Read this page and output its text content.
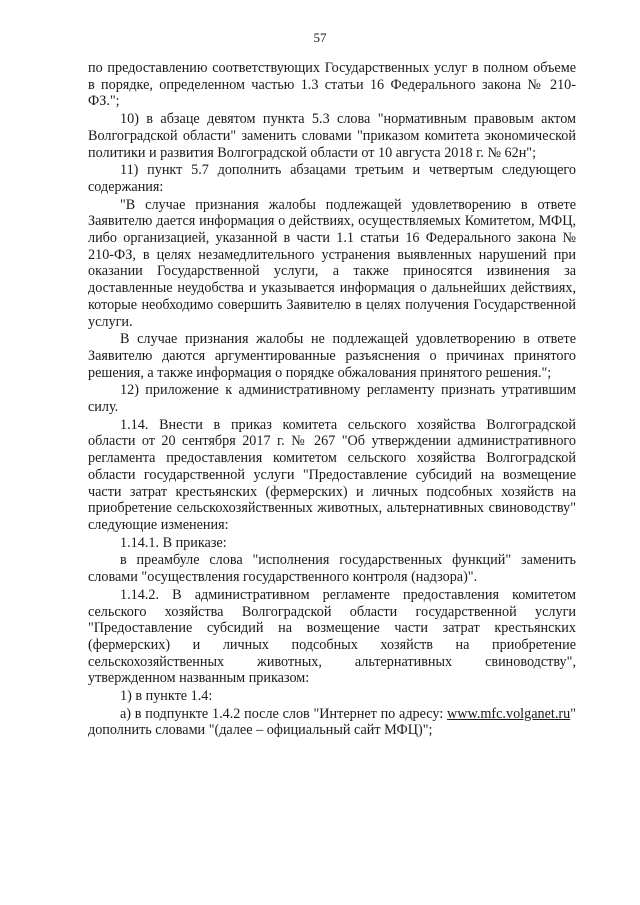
57

по предоставлению соответствующих Государственных услуг в полном объеме в порядке, определенном частью 1.3 статьи 16 Федерального закона № 210-ФЗ.";

10) в абзаце девятом пункта 5.3 слова "нормативным правовым актом Волгоградской области" заменить словами "приказом комитета экономической политики и развития Волгоградской области от 10 августа 2018 г. № 62н";

11) пункт 5.7 дополнить абзацами третьим и четвертым следующего содержания:

"В случае признания жалобы подлежащей удовлетворению в ответе Заявителю дается информация о действиях, осуществляемых Комитетом, МФЦ, либо организацией, указанной в части 1.1 статьи 16 Федерального закона № 210-ФЗ, в целях незамедлительного устранения выявленных нарушений при оказании Государственной услуги, а также приносятся извинения за доставленные неудобства и указывается информация о дальнейших действиях, которые необходимо совершить Заявителю в целях получения Государственной услуги.

В случае признания жалобы не подлежащей удовлетворению в ответе Заявителю даются аргументированные разъяснения о причинах принятого решения, а также информация о порядке обжалования принятого решения.";

12) приложение к административному регламенту признать утратившим силу.

1.14. Внести в приказ комитета сельского хозяйства Волгоградской области от 20 сентября 2017 г. № 267 "Об утверждении административного регламента предоставления комитетом сельского хозяйства Волгоградской области государственной услуги "Предоставление субсидий на возмещение части затрат крестьянских (фермерских) и личных подсобных хозяйств на приобретение сельскохозяйственных животных, альтернативных свиноводству" следующие изменения:

1.14.1. В приказе:

в преамбуле слова "исполнения государственных функций" заменить словами "осуществления государственного контроля (надзора)".

1.14.2. В административном регламенте предоставления комитетом сельского хозяйства Волгоградской области государственной услуги "Предоставление субсидий на возмещение части затрат крестьянских (фермерских) и личных подсобных хозяйств на приобретение сельскохозяйственных животных, альтернативных свиноводству", утвержденном названным приказом:

1) в пункте 1.4:

а) в подпункте 1.4.2 после слов "Интернет по адресу: www.mfc.volganet.ru" дополнить словами "(далее – официальный сайт МФЦ)";
